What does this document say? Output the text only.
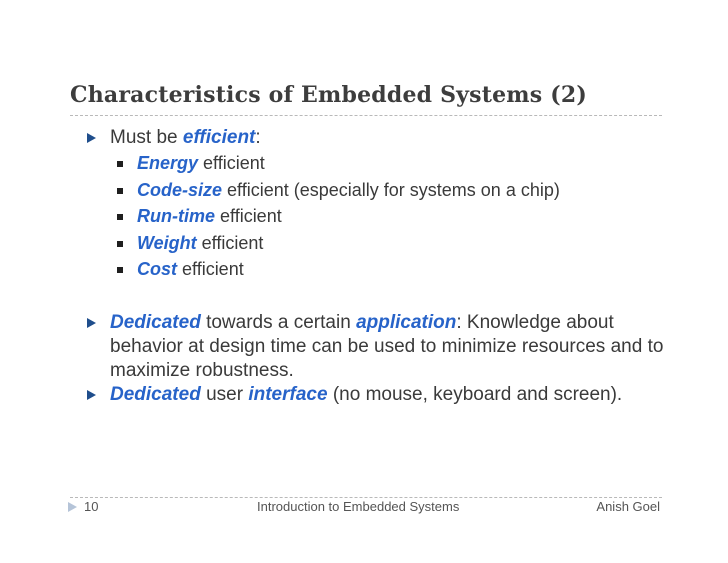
Characteristics of Embedded Systems (2)
Must be efficient:
Energy efficient
Code-size efficient (especially for systems on a chip)
Run-time efficient
Weight efficient
Cost efficient
Dedicated towards a certain application: Knowledge about behavior at design time can be used to minimize resources and to maximize robustness.
Dedicated user interface (no mouse, keyboard and screen).
10	Introduction to Embedded Systems	Anish Goel
